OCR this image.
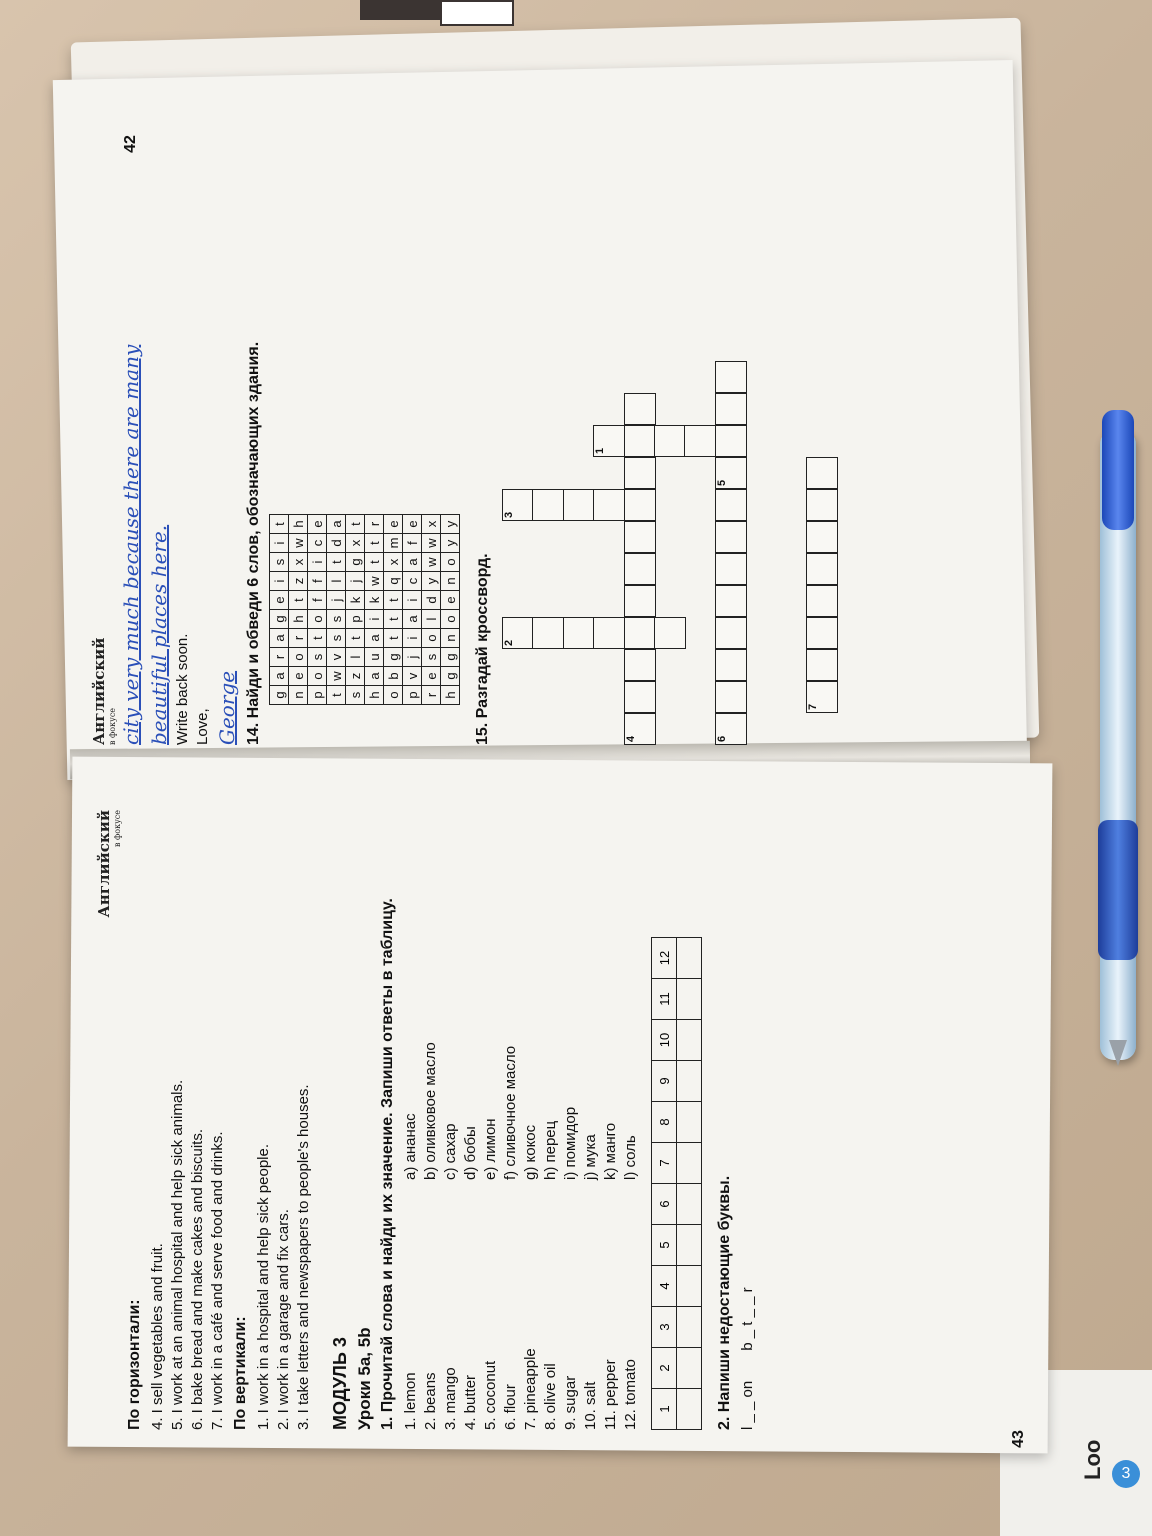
3
Loo
Английский в фокусе city very much because there are many beautiful places here. Write back soon. Love, George 14. Найди и обведи 6 слов, обозначающих здания. g	a	r	a	g	e	i	s	i	t
n	e	o	r	h	t	z	x	w	h
p	o	s	t	o	f	f	i	c	e
t	w	v	s	s	j	l	t	d	a
s	z	l	t	p	k	j	g	x	t
h	a	u	a	i	k	w	t	t	r
o	b	g	t	t	t	q	x	m	e
p	v	j	i	a	i	c	a	f	e
r	e	s	o	l	d	y	w	w	x
h	g	g	n	o	e	n	o	y	y
15. Разгадай кроссворд.
1
2
3
4
5
6
7
42
Английский в фокусе
По горизонтали: 4. I sell vegetables and fruit. 5. I work at an animal hospital and help sick animals. 6. I bake bread and make cakes and biscuits. 7. I work in a café and serve food and drinks. По вертикали: 1. I work in a hospital and help sick people. 2. I work in a garage and fix cars. 3. I take letters and newspapers to people's houses. МОДУЛЬ 3 Уроки 5a, 5b 1. Прочитай слова и найди их значение. Запиши ответы в таблицу. 1. lemon 2. beans 3. mango 4. butter 5. coconut 6. flour 7. pineapple 8. olive oil 9. sugar 10. salt 11. pepper 12. tomato
a) ананас b) оливковое масло c) сахар d) бобы e) лимон f) сливочное масло g) кокос h) перец i) помидор j) мука k) манго l) соль
1	2	3	4	5	6	7	8	9	10	11	12

2. Напиши недостающие буквы. l _ _ on
b _ t _ _ r
43
